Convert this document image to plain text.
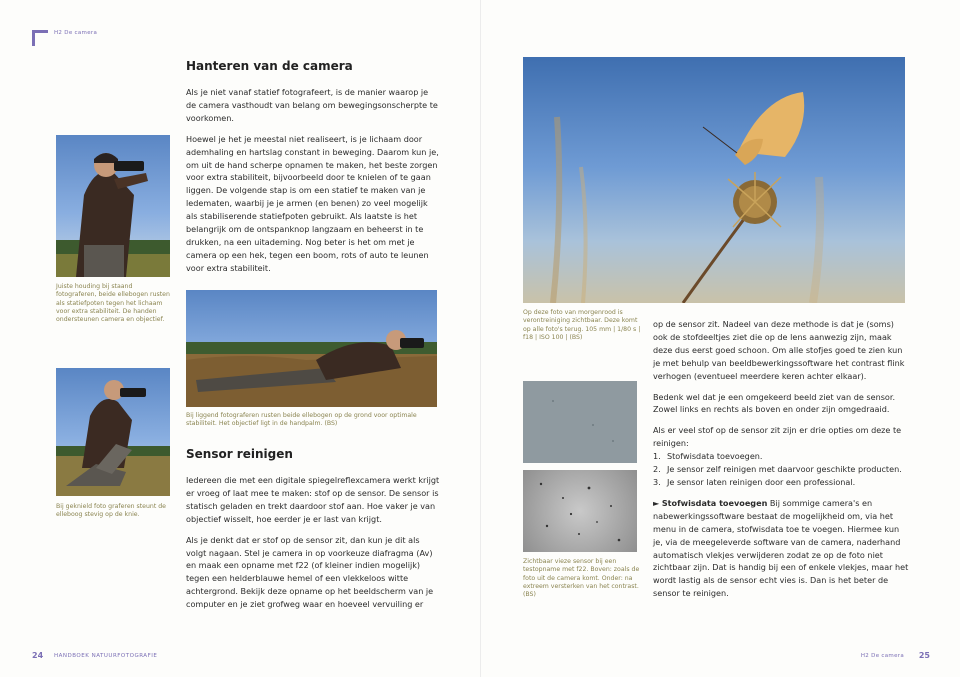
H2 De camera
Juiste houding bij staand fotograferen, beide ellebogen rusten als statiefpoten tegen het lichaam voor extra stabiliteit. De handen ondersteunen camera en objectief.
Bij geknield foto graferen steunt de elleboog stevig op de knie.
Hanteren van de camera

Als je niet vanaf statief fotografeert, is de manier waarop je de camera vasthoudt van belang om bewegingsonscherpte te voorkomen.

Hoewel je het je meestal niet realiseert, is je lichaam door ademhaling en hartslag constant in beweging. Daarom kun je, om uit de hand scherpe opnamen te maken, het beste zorgen voor extra stabiliteit, bijvoorbeeld door te knielen of te gaan liggen. De volgende stap is om een statief te maken van je ledematen, waarbij je je armen (en benen) zo veel mogelijk als stabiliserende statiefpoten gebruikt. Als laatste is het belangrijk om de ontspanknop langzaam en beheerst in te drukken, na een uitademing. Nog beter is het om met je camera op een hek, tegen een boom, rots of auto te leunen voor extra stabiliteit.

Bij liggend fotograferen rusten beide ellebogen op de grond voor optimale stabiliteit. Het objectief ligt in de handpalm. (BS)
Sensor reinigen

Iedereen die met een digitale spiegelreflexcamera werkt krijgt er vroeg of laat mee te maken: stof op de sensor. De sensor is statisch geladen en trekt daardoor stof aan. Hoe vaker je van objectief wisselt, hoe eerder je er last van krijgt.

Als je denkt dat er stof op de sensor zit, dan kun je dit als volgt nagaan. Stel je camera in op voorkeuze diafragma (Av) en maak een opname met f22 (of kleiner indien mogelijk) tegen een helderblauwe hemel of een vlekkeloos witte achtergrond. Bekijk deze opname op het beeldscherm van je computer en je ziet grofweg waar en hoeveel vervuiling er

24 HANDBOEK NATUURFOTOGRAFIE	H2 De camera 25
Op deze foto van morgenrood is verontreiniging zichtbaar. Deze komt op alle foto's terug. 105 mm | 1/80 s | f18 | ISO 100 | (BS)
Zichtbaar vieze sensor bij een testopname met f22. Boven: zoals de foto uit de camera komt. Onder: na extreem versterken van het contrast. (BS)

op de sensor zit. Nadeel van deze methode is dat je (soms) ook de stofdeeltjes ziet die op de lens aanwezig zijn, maak deze dus eerst goed schoon. Om alle stofjes goed te zien kun je met behulp van beeldbewerkingssoftware het contrast flink verhogen (eventueel meerdere keren achter elkaar).

Bedenk wel dat je een omgekeerd beeld ziet van de sensor. Zowel links en rechts als boven en onder zijn omgedraaid.

Als er veel stof op de sensor zit zijn er drie opties om deze te reinigen:

1. Stofwisdata toevoegen.
2. Je sensor zelf reinigen met daarvoor geschikte producten.
3. Je sensor laten reinigen door een professional.

► Stofwisdata toevoegen Bij sommige camera's en nabewerkingssoftware bestaat de mogelijkheid om, via het menu in de camera, stofwisdata toe te voegen. Hiermee kun je, via de meegeleverde software van de camera, naderhand automatisch vlekjes verwijderen zodat ze op de foto niet zichtbaar zijn. Dat is handig bij een of enkele vlekjes, maar het wordt lastig als de sensor echt vies is. Dan is het beter de sensor te reinigen.
